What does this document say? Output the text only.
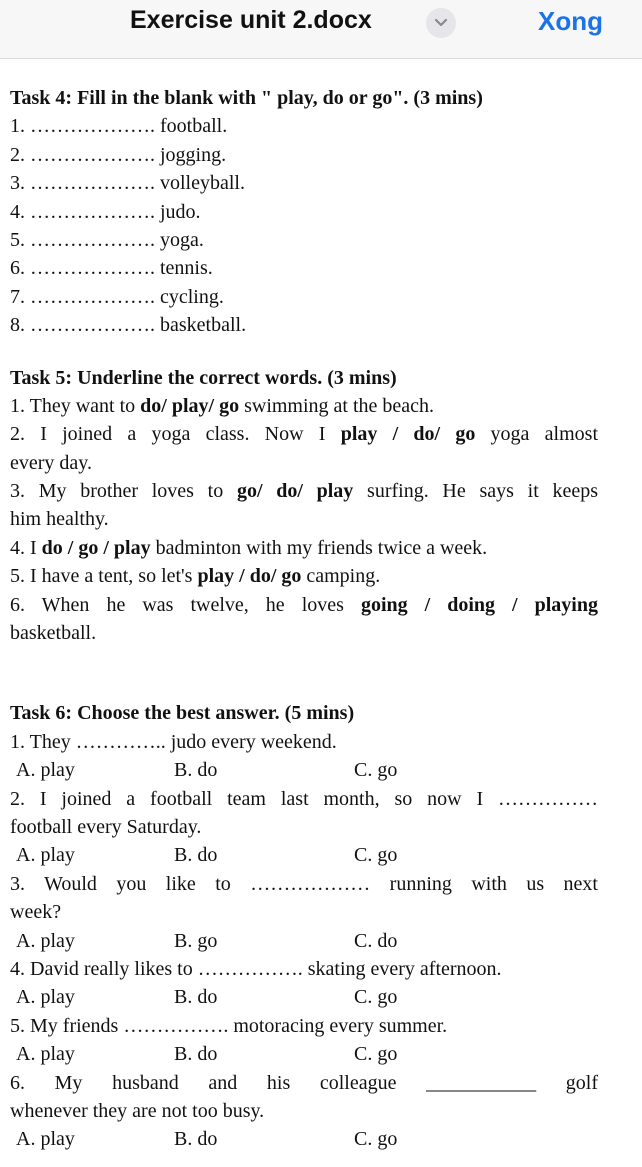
Exercise unit 2.docx	Xong
Task 4: Fill in the blank with " play, do or go". (3 mins)
1. ………………. football.
2. ………………. jogging.
3. ………………. volleyball.
4. ………………. judo.
5. ………………. yoga.
6. ………………. tennis.
7. ………………. cycling.
8. ………………. basketball.
Task 5: Underline the correct words. (3 mins)
1. They want to do/ play/ go swimming at the beach.
2. I joined a yoga class. Now I play / do/ go yoga almost
every day.
3. My brother loves to go/ do/ play surfing. He says it keeps
him healthy.
4. I do / go / play badminton with my friends twice a week.
5. I have a tent, so let's play / do/ go camping.
6. When he was twelve, he loves going / doing / playing
basketball.
Task 6: Choose the best answer. (5 mins)
1. They ………….. judo every weekend.
A. play	B. do	C. go
2. I joined a football team last month, so now I ……………
football every Saturday.
A. play	B. do	C. go
3. Would you like to ……………… running with us next
week?
A. play	B. go	C. do
4. David really likes to ……………. skating every afternoon.
A. play	B. do	C. go
5. My friends ……………. motoracing every summer.
A. play	B. do	C. go
6. My husband and his colleague ___________ golf
whenever they are not too busy.
A. play	B. do	C. go
